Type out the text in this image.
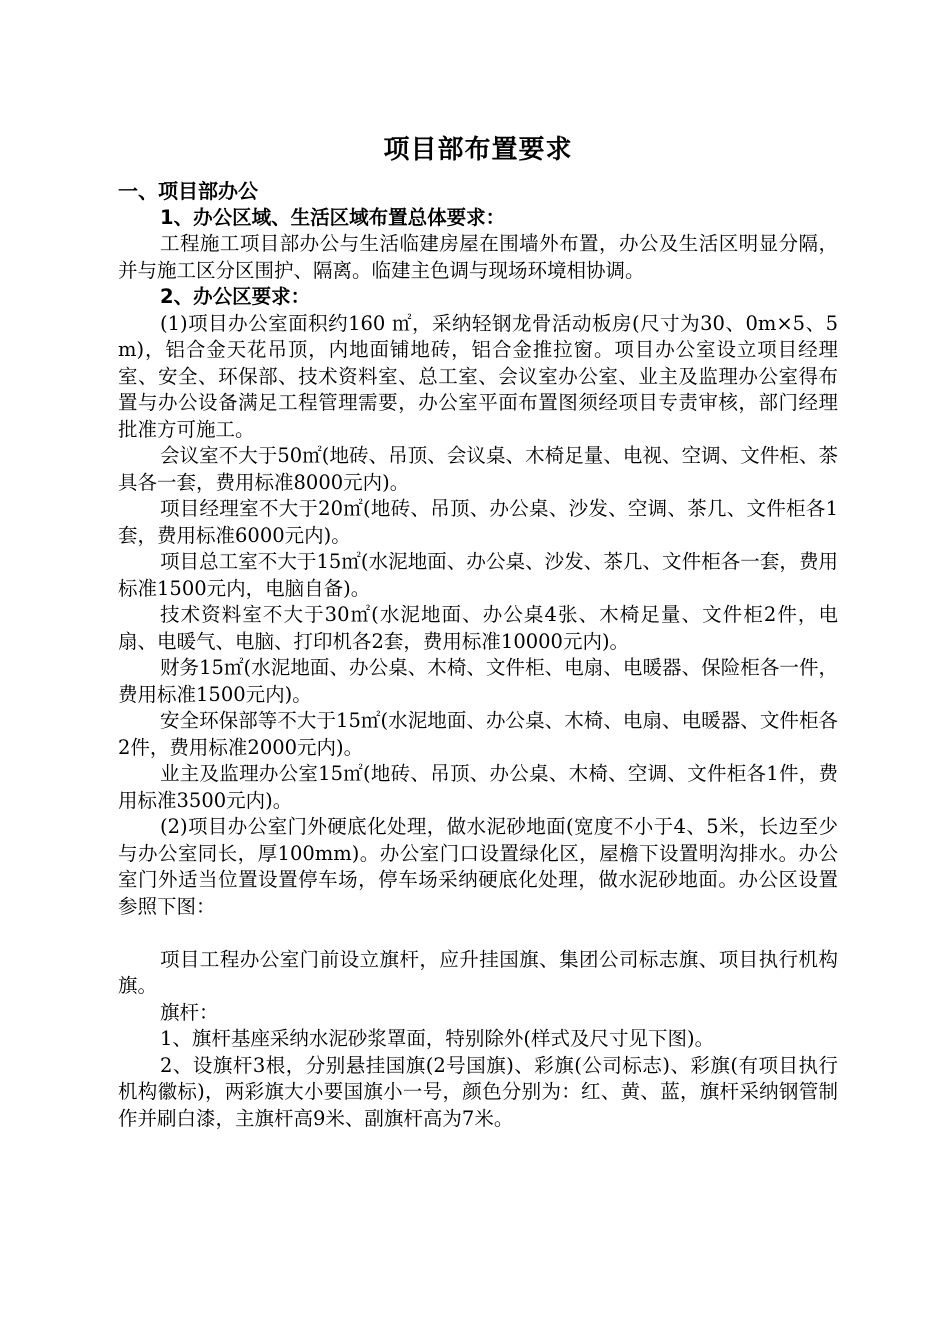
项目部布置要求

一、项目部办公

1、办公区域、生活区域布置总体要求：

工程施工项目部办公与生活临建房屋在围墙外布置，办公及生活区明显分隔，并与施工区分区围护、隔离。临建主色调与现场环境相协调。

2、办公区要求：

(1)项目办公室面积约160 ㎡，采纳轻钢龙骨活动板房(尺寸为30、0m×5、5m)，铝合金天花吊顶，内地面铺地砖，铝合金推拉窗。项目办公室设立项目经理室、安全、环保部、技术资料室、总工室、会议室办公室、业主及监理办公室得布置与办公设备满足工程管理需要，办公室平面布置图须经项目专责审核，部门经理批准方可施工。

会议室不大于50㎡(地砖、吊顶、会议桌、木椅足量、电视、空调、文件柜、茶具各一套，费用标准8000元内)。

项目经理室不大于20㎡(地砖、吊顶、办公桌、沙发、空调、茶几、文件柜各1套，费用标准6000元内)。

项目总工室不大于15㎡(水泥地面、办公桌、沙发、茶几、文件柜各一套，费用标准1500元内，电脑自备)。

技术资料室不大于30㎡(水泥地面、办公桌4张、木椅足量、文件柜2件，电扇、电暖气、电脑、打印机各2套，费用标准10000元内)。

财务15㎡(水泥地面、办公桌、木椅、文件柜、电扇、电暖器、保险柜各一件，费用标准1500元内)。

安全环保部等不大于15㎡(水泥地面、办公桌、木椅、电扇、电暖器、文件柜各2件，费用标准2000元内)。

业主及监理办公室15㎡(地砖、吊顶、办公桌、木椅、空调、文件柜各1件，费用标准3500元内)。

(2)项目办公室门外硬底化处理，做水泥砂地面(宽度不小于4、5米，长边至少与办公室同长，厚100mm)。办公室门口设置绿化区，屋檐下设置明沟排水。办公室门外适当位置设置停车场，停车场采纳硬底化处理，做水泥砂地面。办公区设置参照下图：

项目工程办公室门前设立旗杆，应升挂国旗、集团公司标志旗、项目执行机构旗。

旗杆：

1、旗杆基座采纳水泥砂浆罩面，特别除外(样式及尺寸见下图)。

2、设旗杆3根，分别悬挂国旗(2号国旗)、彩旗(公司标志)、彩旗(有项目执行机构徽标)，两彩旗大小要国旗小一号，颜色分别为：红、黄、蓝，旗杆采纳钢管制作并刷白漆，主旗杆高9米、副旗杆高为7米。
